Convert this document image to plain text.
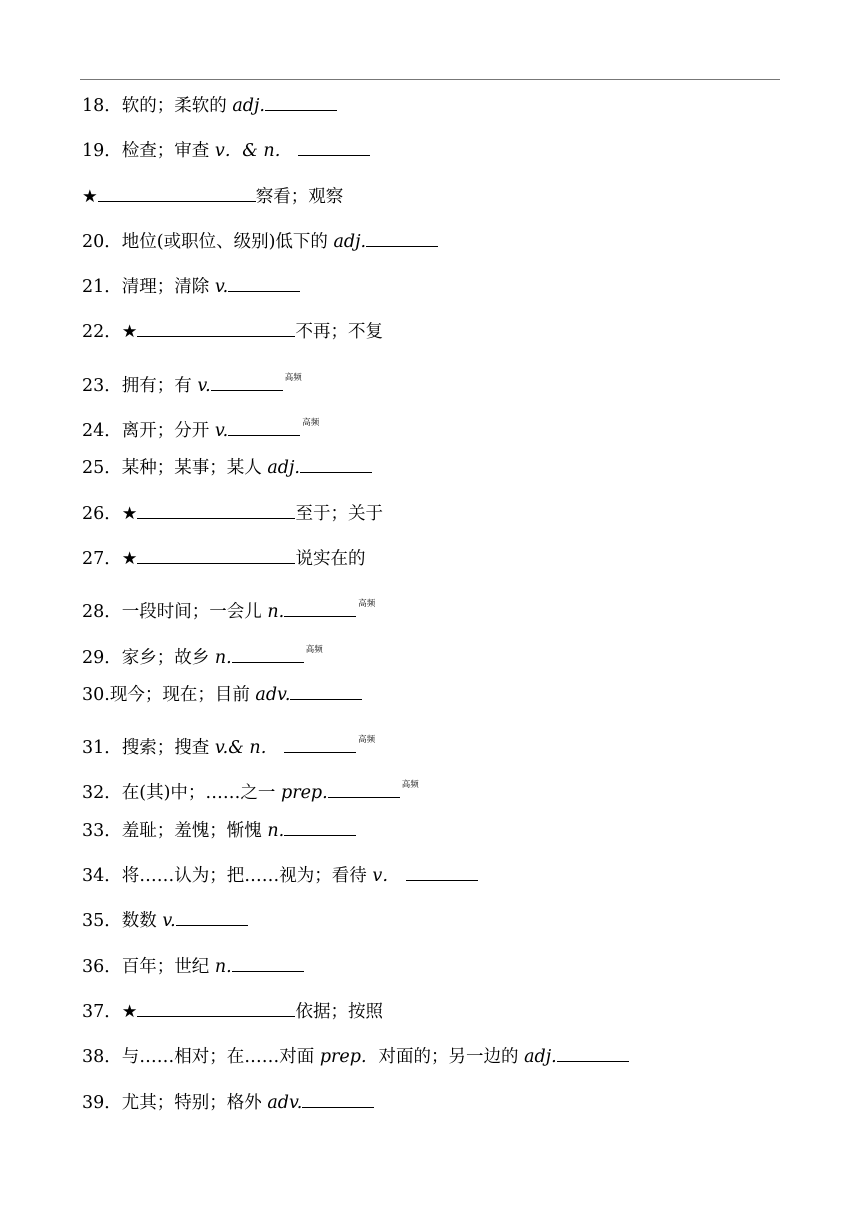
18．软的；柔软的 adj.
19．检查；审查 v．& n．
★	察看；观察
20．地位(或职位、级别)低下的 adj.
21．清理；清除 v.
22．★	不再；不复
23．拥有；有 v.	$^{高频}$
24．离开；分开 v.	$^{高频}$
25．某种；某事；某人 adj.
26．★	至于；关于
27．★	说实在的
28．一段时间；一会儿 n.	$^{高频}$
29．家乡；故乡 n.	$^{高频}$
30.现今；现在；目前 adv.
31．搜索；搜查 v.& n．	$^{高频}$
32．在(其)中；……之一 prep.	$^{高频}$
33．羞耻；羞愧；惭愧 n.
34．将……认为；把……视为；看待 v．
35．数数 v.
36．百年；世纪 n.
37．★	依据；按照
38．与……相对；在……对面 prep. 对面的；另一边的 adj.
39．尤其；特别；格外 adv.
